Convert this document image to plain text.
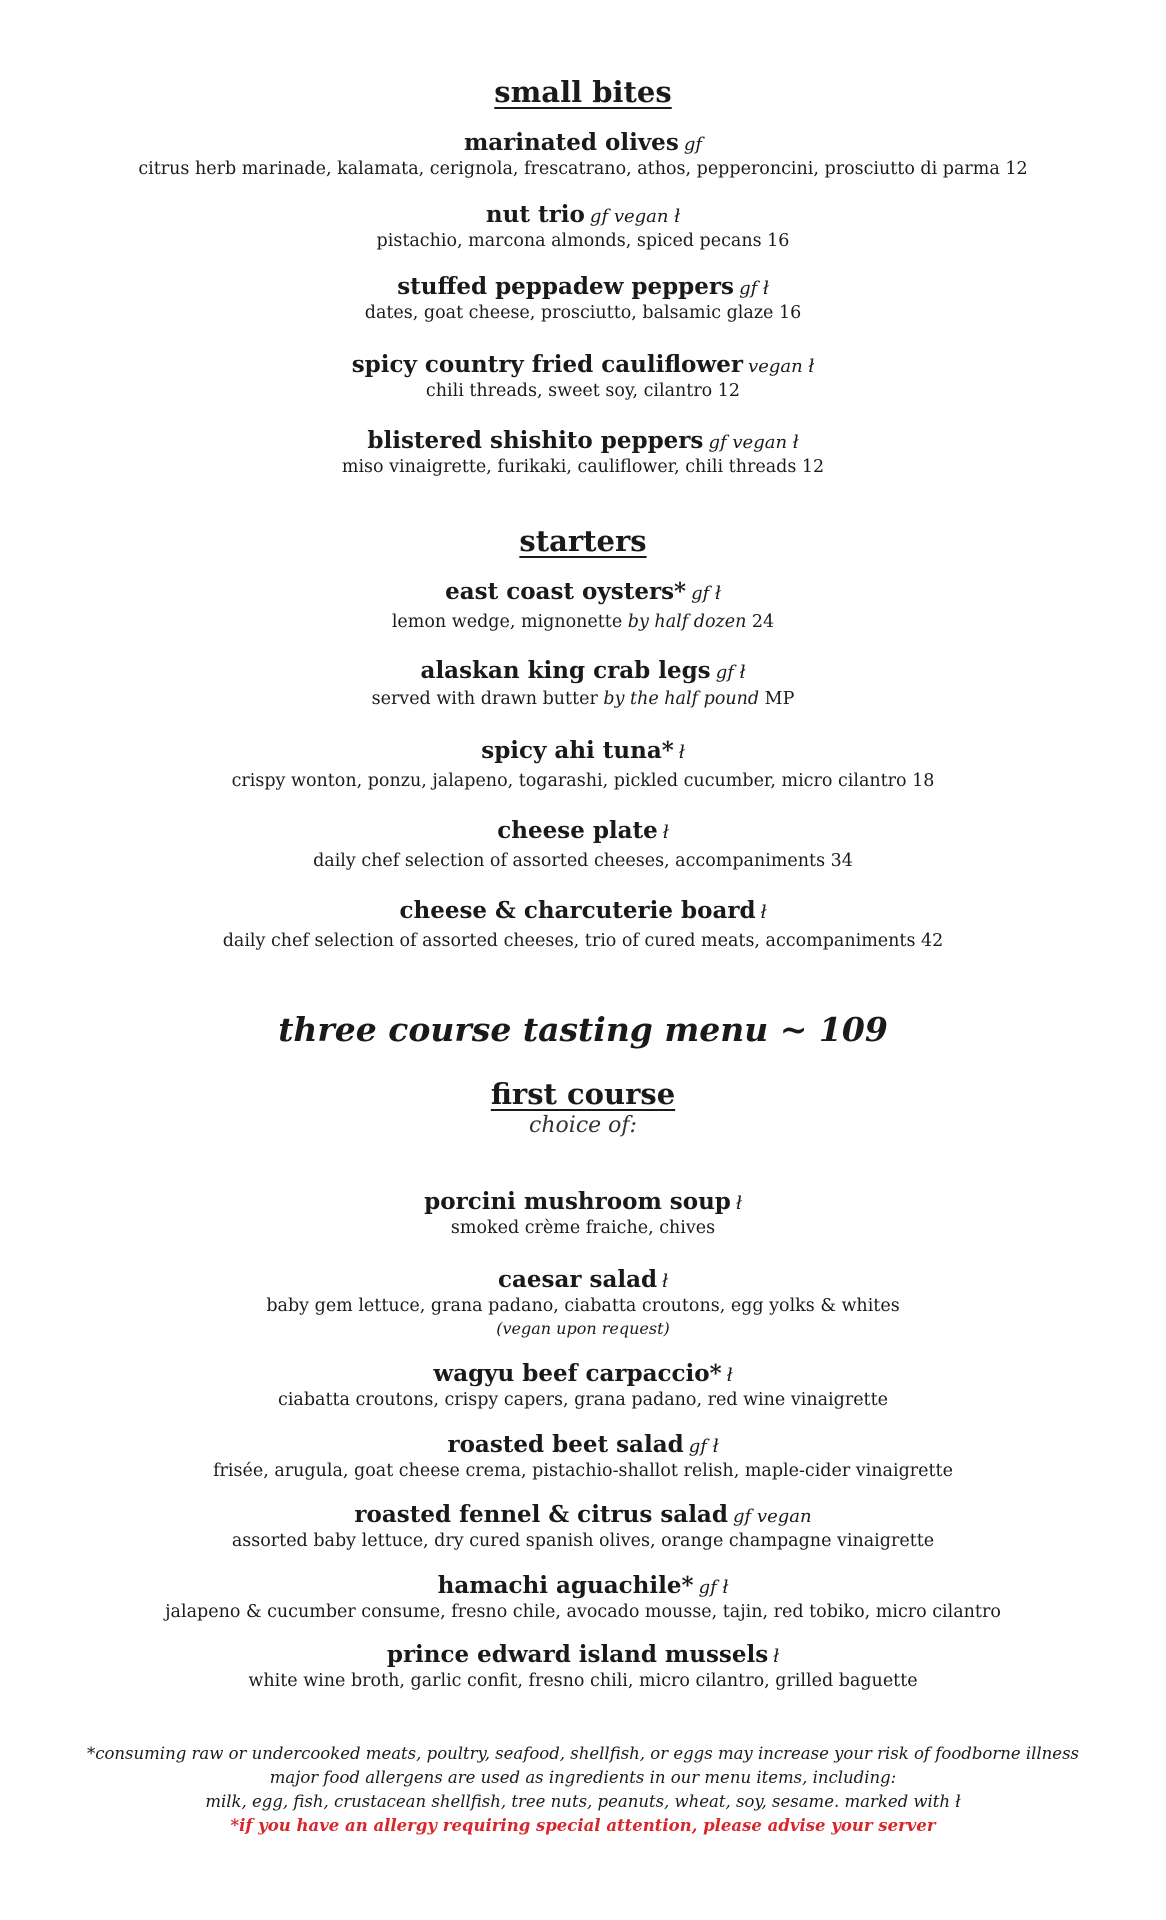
small bites
marinated olives gf
citrus herb marinade, kalamata, cerignola, frescatrano, athos, pepperoncini, prosciutto di parma 12
nut trio gf vegan ł
pistachio, marcona almonds, spiced pecans 16
stuffed peppadew peppers gf ł
dates, goat cheese, prosciutto, balsamic glaze 16
spicy country fried cauliflower vegan ł
chili threads, sweet soy, cilantro 12
blistered shishito peppers gf vegan ł
miso vinaigrette, furikaki, cauliflower, chili threads 12
starters
east coast oysters* gf ł
lemon wedge, mignonette by half dozen 24
alaskan king crab legs gf ł
served with drawn butter by the half pound MP
spicy ahi tuna* ł
crispy wonton, ponzu, jalapeno, togarashi, pickled cucumber, micro cilantro 18
cheese plate ł
daily chef selection of assorted cheeses, accompaniments 34
cheese & charcuterie board ł
daily chef selection of assorted cheeses, trio of cured meats, accompaniments 42
three course tasting menu ~ 109
first course
choice of:
porcini mushroom soup ł
smoked crème fraiche, chives
caesar salad ł
baby gem lettuce, grana padano, ciabatta croutons, egg yolks & whites
(vegan upon request)
wagyu beef carpaccio* ł
ciabatta croutons, crispy capers, grana padano, red wine vinaigrette
roasted beet salad gf ł
frisée, arugula, goat cheese crema, pistachio-shallot relish, maple-cider vinaigrette
roasted fennel & citrus salad gf vegan
assorted baby lettuce, dry cured spanish olives, orange champagne vinaigrette
hamachi aguachile* gf ł
jalapeno & cucumber consume, fresno chile, avocado mousse, tajin, red tobiko, micro cilantro
prince edward island mussels ł
white wine broth, garlic confit, fresno chili, micro cilantro, grilled baguette
*consuming raw or undercooked meats, poultry, seafood, shellfish, or eggs may increase your risk of foodborne illness
major food allergens are used as ingredients in our menu items, including:
milk, egg, fish, crustacean shellfish, tree nuts, peanuts, wheat, soy, sesame. marked with ł
*if you have an allergy requiring special attention, please advise your server
